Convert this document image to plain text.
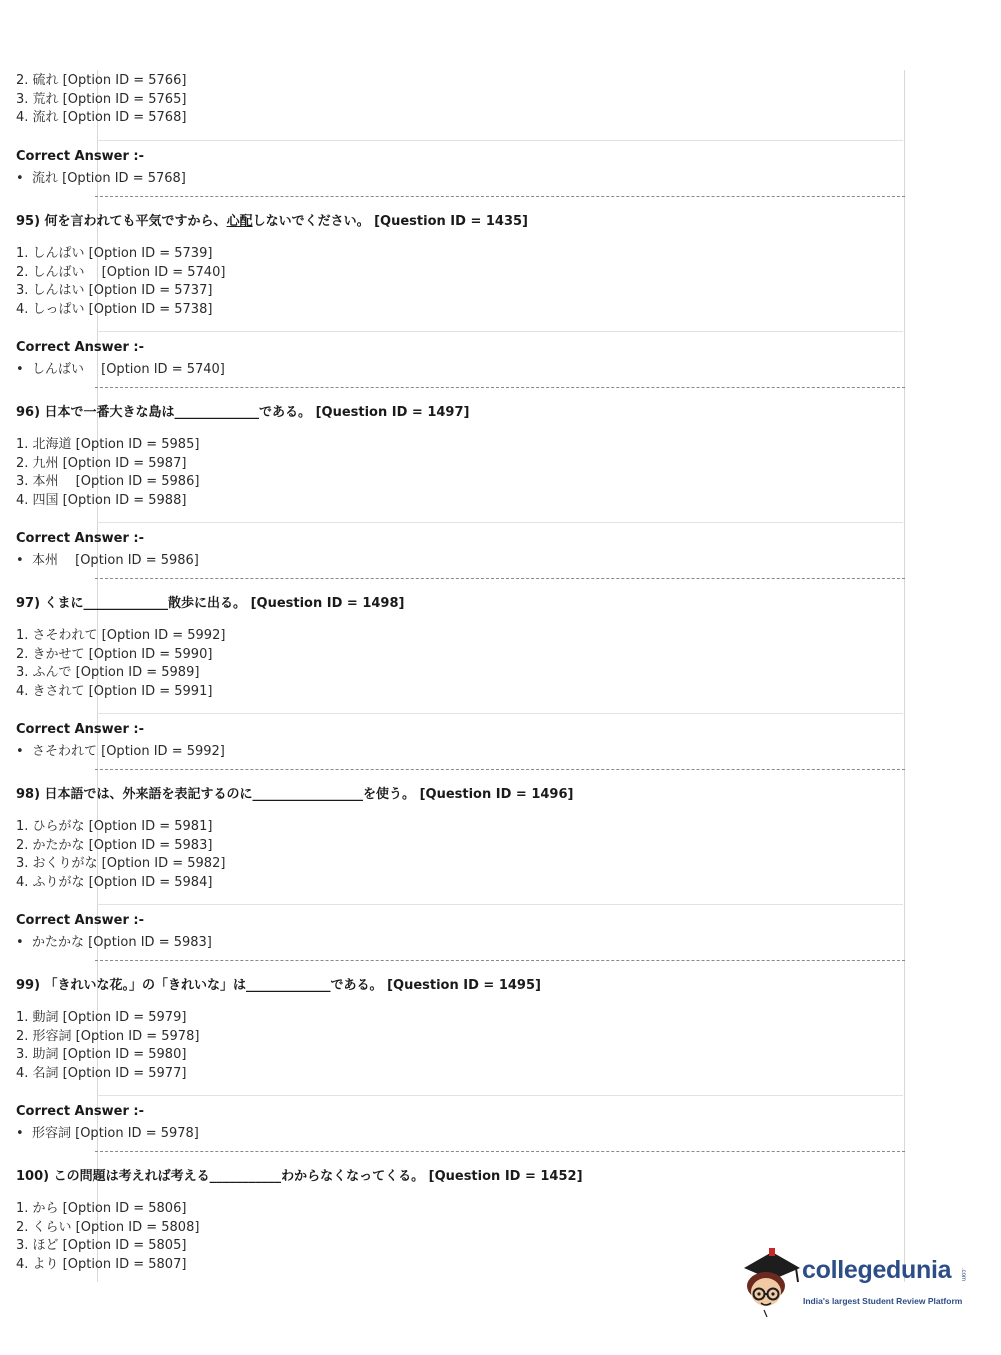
2. 硫れ [Option ID = 5766]
3. 荒れ [Option ID = 5765]
4. 流れ [Option ID = 5768]
Correct Answer :-
• 流れ [Option ID = 5768]
95) 何を言われても平気ですから、心配しないでください。 [Question ID = 1435]
1. しんぱい [Option ID = 5739]
2. しんばい　 [Option ID = 5740]
3. しんはい [Option ID = 5737]
4. しっぱい [Option ID = 5738]
Correct Answer :-
• しんばい　 [Option ID = 5740]
96) 日本で一番大きな島は_____________である。 [Question ID = 1497]
1. 北海道 [Option ID = 5985]
2. 九州 [Option ID = 5987]
3. 本州　 [Option ID = 5986]
4. 四国 [Option ID = 5988]
Correct Answer :-
• 本州　 [Option ID = 5986]
97) くまに_____________散歩に出る。 [Question ID = 1498]
1. さそわれて [Option ID = 5992]
2. きかせて [Option ID = 5990]
3. ふんで [Option ID = 5989]
4. きされて [Option ID = 5991]
Correct Answer :-
• さそわれて [Option ID = 5992]
98) 日本語では、外来語を表記するのに_________________を使う。 [Question ID = 1496]
1. ひらがな [Option ID = 5981]
2. かたかな [Option ID = 5983]
3. おくりがな [Option ID = 5982]
4. ふりがな [Option ID = 5984]
Correct Answer :-
• かたかな [Option ID = 5983]
99) 「きれいな花。」の「きれいな」は_____________である。 [Question ID = 1495]
1. 動詞 [Option ID = 5979]
2. 形容詞 [Option ID = 5978]
3. 助詞 [Option ID = 5980]
4. 名詞 [Option ID = 5977]
Correct Answer :-
• 形容詞 [Option ID = 5978]
100) この問題は考えれば考える___________わからなくなってくる。 [Question ID = 1452]
1. から [Option ID = 5806]
2. くらい [Option ID = 5808]
3. ほど [Option ID = 5805]
4. より [Option ID = 5807]	collegedunia .com
India's largest Student Review Platform
